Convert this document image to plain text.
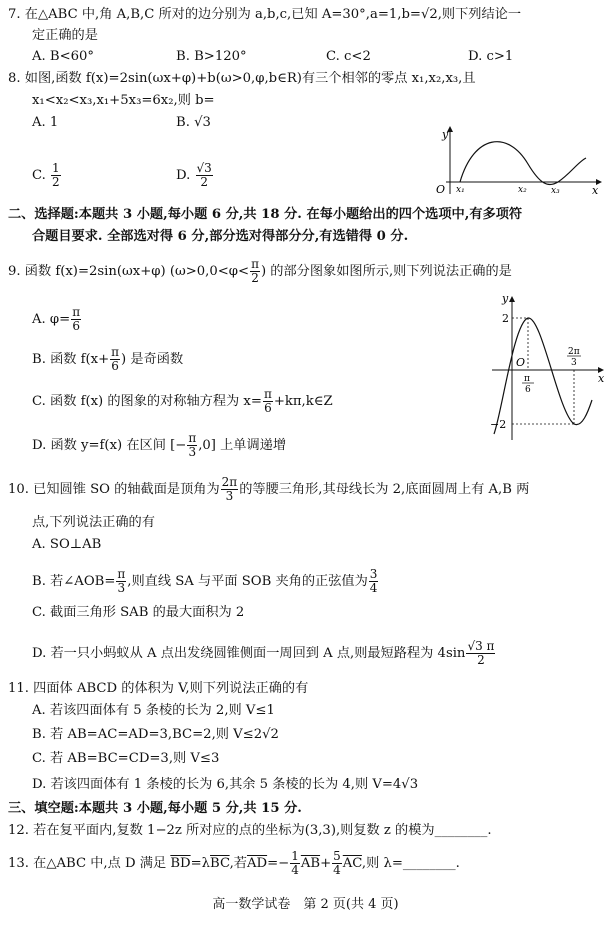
7. 在△ABC 中,角 A,B,C 所对的边分别为 a,b,c,已知 A=30°,a=1,b=√2,则下列结论一
定正确的是
A. B<60°	B. B>120°	C. c<2	D. c>1
8. 如图,函数 f(x)=2sin(ωx+φ)+b(ω>0,φ,b∈R)有三个相邻的零点 x₁,x₂,x₃,且
x₁<x₂<x₃,x₁+5x₃=6x₂,则 b=
A. 1	B. √3
C. $\frac{1}{2}$	D. $\frac{√3}{2}$
y
O	x
x₁	x₂	x₃
二、选择题:本题共 3 小题,每小题 6 分,共 18 分. 在每小题给出的四个选项中,有多项符
合题目要求. 全部选对得 6 分,部分选对得部分分,有选错得 0 分.
9. 函数 f(x)=2sin(ωx+φ) ($\omega>0,0<\varphi< \frac{\pi}{2}$ ) 的部分图象如图所示,则下列说法正确的是
A. $\varphi= \frac{\pi}{6}$
B. 函数 $f(x+ \frac{\pi}{6}$ ) 是奇函数
C. 函数 f(x) 的图象的对称轴方程为 $x= \frac{\pi}{6}$ +kπ,k∈Z
D. 函数 y=f(x) 在区间 [− $\frac{\pi}{3} ,0$] 上单调递增
y
2
−2
O
x
π
6
2π
3
10. 已知圆锥 SO 的轴截面是顶角为 $\frac{2\pi}{3}$ 的等腰三角形,其母线长为 2,底面圆周上有 A,B 两
点,下列说法正确的有
A. SO⊥AB
B. 若∠AOB= $\frac{\pi}{3}$ ,则直线 SA 与平面 SOB 夹角的正弦值为 $\frac{3}{4}$
C. 截面三角形 SAB 的最大面积为 2
D. 若一只小蚂蚁从 A 点出发绕圆锥侧面一周回到 A 点,则最短路程为 $4\sin \frac{√3 \pi}{2}$
11. 四面体 ABCD 的体积为 V,则下列说法正确的有
A. 若该四面体有 5 条棱的长为 2,则 V≤1
B. 若 AB=AC=AD=3,BC=2,则 V≤2√2
C. 若 AB=BC=CD=3,则 V≤3
D. 若该四面体有 1 条棱的长为 6,其余 5 条棱的长为 4,则 V=4√3
三、填空题:本题共 3 小题,每小题 5 分,共 15 分.
12. 若在复平面内,复数 1−2z 所对应的点的坐标为(3,3),则复数 z 的模为________.
13. 在△ABC 中,点 D 满足 $\overline{BD}=\lambda\overline{BC}$,若$\overline{AD}=- \frac{1}{4} \overline{AB}+ \frac{5}{4} \overline{AC}$,则 λ=________.
高一数学试卷　第 2 页(共 4 页)
